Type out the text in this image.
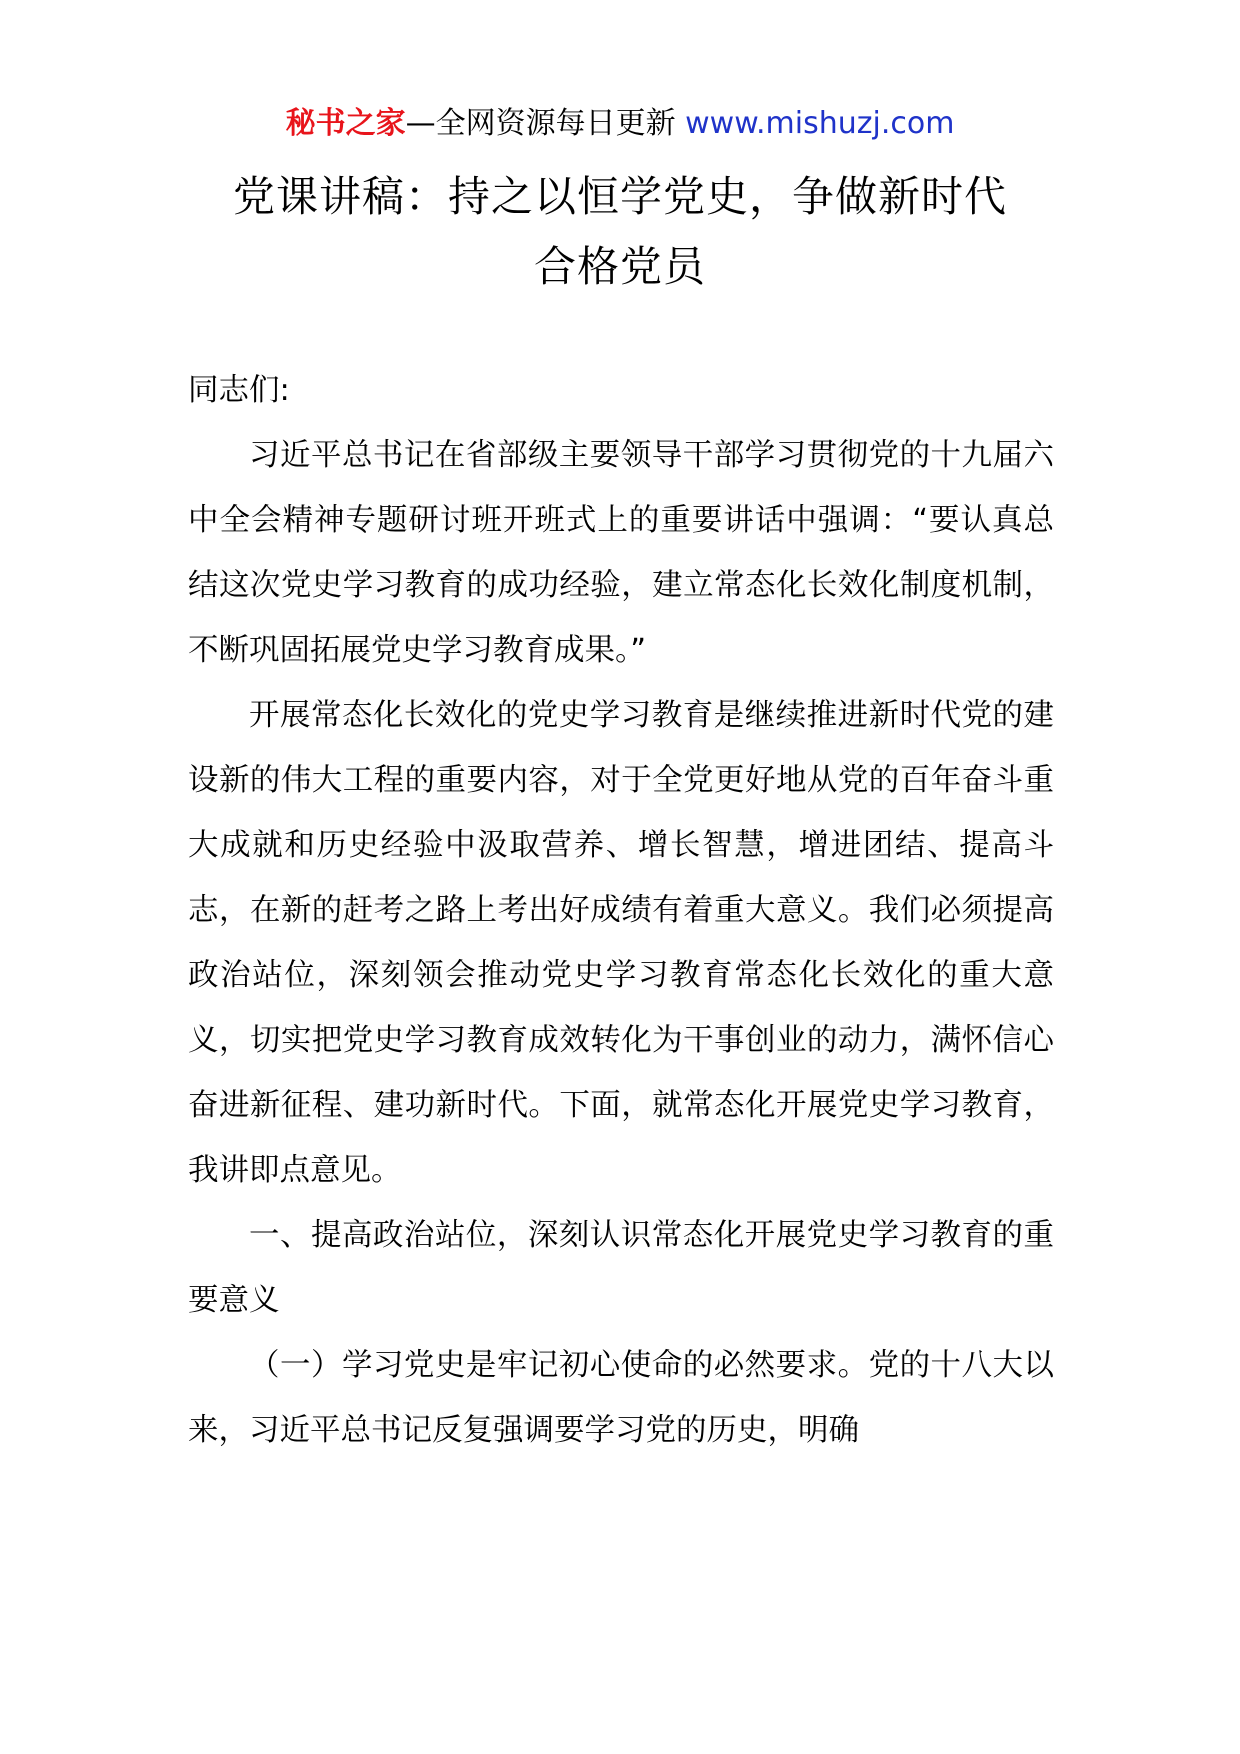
秘书之家—全网资源每日更新 www.mishuzj.com
党课讲稿：持之以恒学党史，争做新时代
合格党员

同志们:

习近平总书记在省部级主要领导干部学习贯彻党的十九届六中全会精神专题研讨班开班式上的重要讲话中强调：“要认真总结这次党史学习教育的成功经验，建立常态化长效化制度机制，不断巩固拓展党史学习教育成果。”

开展常态化长效化的党史学习教育是继续推进新时代党的建设新的伟大工程的重要内容，对于全党更好地从党的百年奋斗重大成就和历史经验中汲取营养、增长智慧，增进团结、提高斗志，在新的赶考之路上考出好成绩有着重大意义。我们必须提高政治站位，深刻领会推动党史学习教育常态化长效化的重大意义，切实把党史学习教育成效转化为干事创业的动力，满怀信心奋进新征程、建功新时代。下面，就常态化开展党史学习教育，我讲即点意见。

一、提高政治站位，深刻认识常态化开展党史学习教育的重要意义

（一）学习党史是牢记初心使命的必然要求。党的十八大以来，习近平总书记反复强调要学习党的历史，明确
